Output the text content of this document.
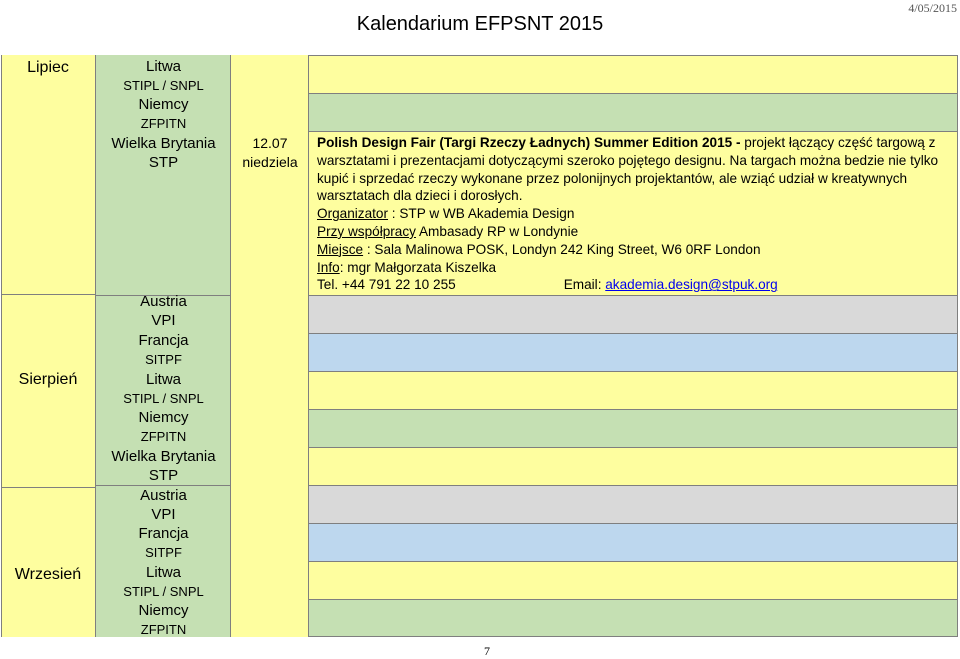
Kalendarium EFPSNT 2015
4/05/2015
Lipiec
Sierpień
Wrzesień
Litwa
STIPL / SNPL
Niemcy
ZFPITN
Wielka Brytania
STP
Austria
VPI
Francja
SITPF
Litwa
STIPL / SNPL
Niemcy
ZFPITN
Wielka Brytania
STP
Austria
VPI
Francja
SITPF
Litwa
STIPL / SNPL
Niemcy
ZFPITN
12.07
niedziela
Polish Design Fair (Targi Rzeczy Ładnych) Summer Edition 2015 - projekt łączący część targową z warsztatami i prezentacjami dotyczącymi szeroko pojętego designu. Na targach można bedzie nie tylko kupić i sprzedać rzeczy wykonane przez polonijnych projektantów, ale wziąć udział w kreatywnych warsztatach dla dzieci i dorosłych.
Organizator : STP w WB Akademia Design
Przy współpracy Ambasady RP w Londynie
Miejsce : Sala Malinowa POSK, Londyn 242 King Street, W6 0RF London
Info: mgr Małgorzata Kiszelka
Tel. +44 791 22 10 255	Email: akademia.design@stpuk.org
7
